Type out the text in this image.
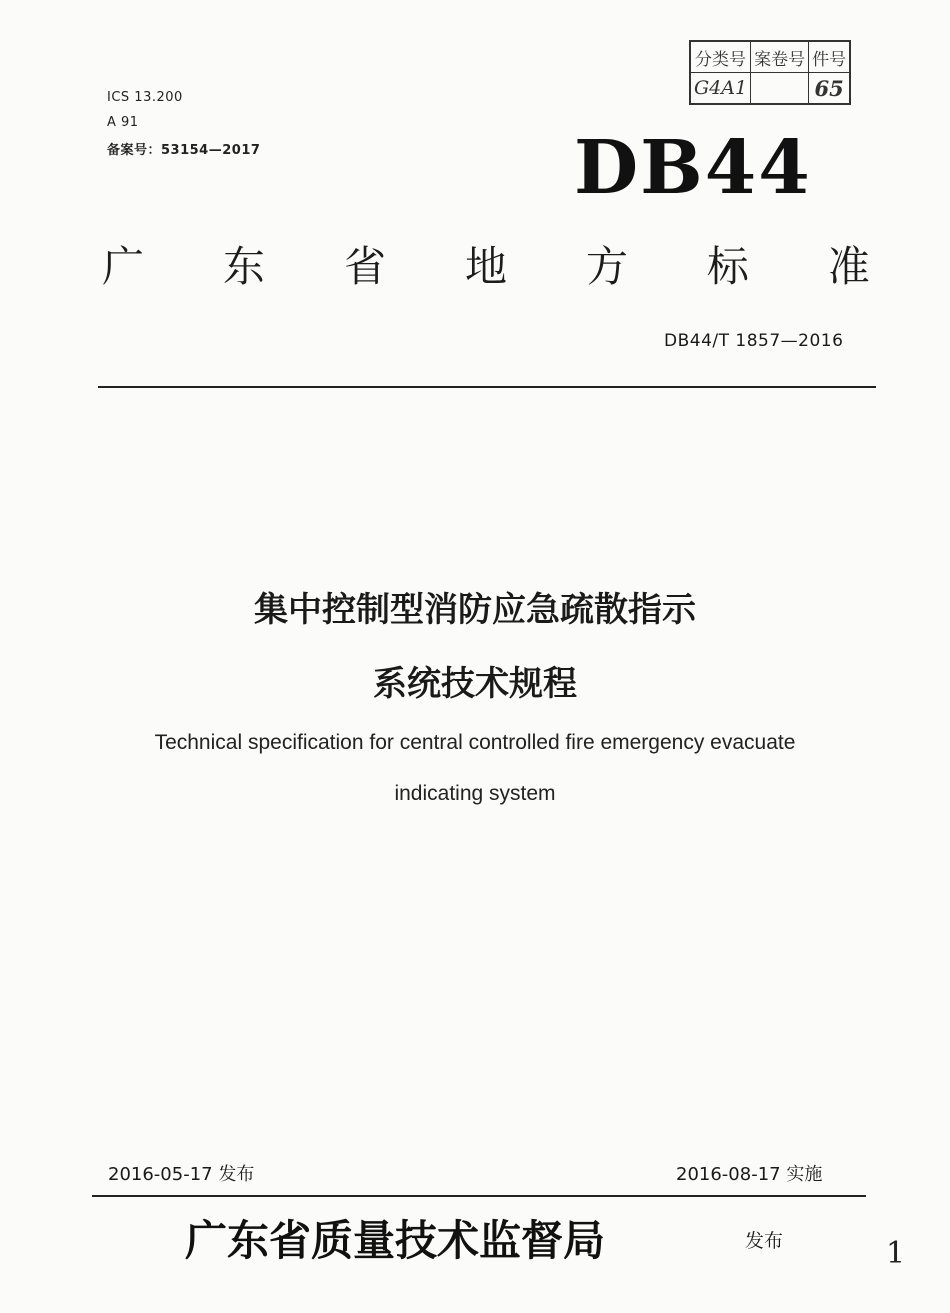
分类号	案卷号	件号
G4A1		65
ICS 13.200
A 91
备案号：53154—2017	DB44
广 东 省 地 方 标 准
DB44/T 1857—2016
集中控制型消防应急疏散指示
系统技术规程
Technical specification for central controlled fire emergency evacuate
indicating system
2016-05-17 发布	2016-08-17 实施
广东省质量技术监督局	发布	1
